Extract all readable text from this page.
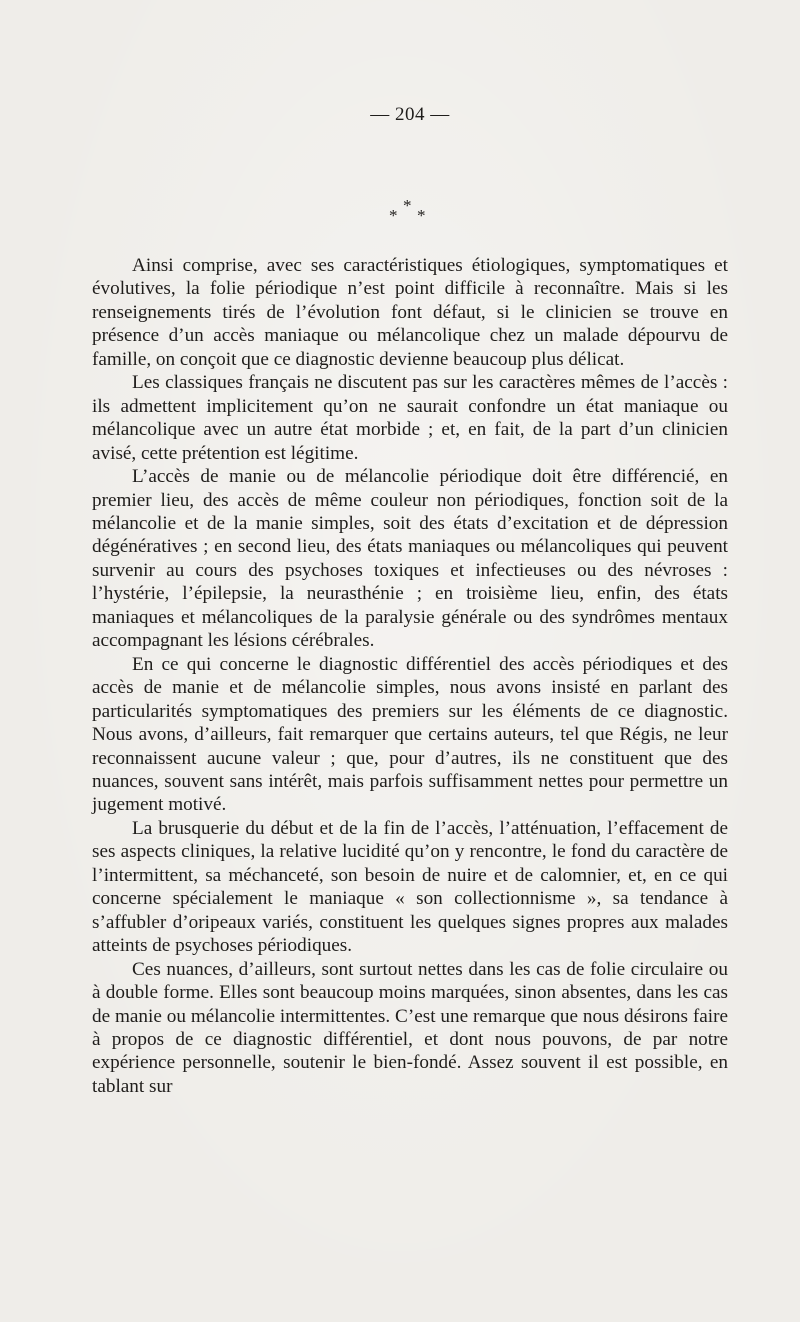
— 204 —
*
* *

Ainsi comprise, avec ses caractéristiques étiologiques, symptomatiques et évolutives, la folie périodique n’est point difficile à reconnaître. Mais si les renseignements tirés de l’évolution font défaut, si le clinicien se trouve en présence d’un accès maniaque ou mélancolique chez un malade dépourvu de famille, on conçoit que ce diagnostic devienne beaucoup plus délicat.

Les classiques français ne discutent pas sur les caractères mêmes de l’accès : ils admettent implicitement qu’on ne saurait confondre un état maniaque ou mélancolique avec un autre état morbide ; et, en fait, de la part d’un clinicien avisé, cette prétention est légitime.

L’accès de manie ou de mélancolie périodique doit être différencié, en premier lieu, des accès de même couleur non périodiques, fonction soit de la mélancolie et de la manie simples, soit des états d’excitation et de dépression dégénératives ; en second lieu, des états maniaques ou mélancoliques qui peuvent survenir au cours des psychoses toxiques et infectieuses ou des névroses : l’hystérie, l’épilepsie, la neurasthénie ; en troisième lieu, enfin, des états maniaques et mélancoliques de la paralysie générale ou des syndrômes mentaux accompagnant les lésions cérébrales.

En ce qui concerne le diagnostic différentiel des accès périodiques et des accès de manie et de mélancolie simples, nous avons insisté en parlant des particularités symptomatiques des premiers sur les éléments de ce diagnostic. Nous avons, d’ailleurs, fait remarquer que certains auteurs, tel que Régis, ne leur reconnaissent aucune valeur ; que, pour d’autres, ils ne constituent que des nuances, souvent sans intérêt, mais parfois suffisamment nettes pour permettre un jugement motivé.

La brusquerie du début et de la fin de l’accès, l’atténuation, l’effacement de ses aspects cliniques, la relative lucidité qu’on y rencontre, le fond du caractère de l’intermittent, sa méchanceté, son besoin de nuire et de calomnier, et, en ce qui concerne spécialement le maniaque « son collectionnisme », sa tendance à s’affubler d’oripeaux variés, constituent les quelques signes propres aux malades atteints de psychoses périodiques.

Ces nuances, d’ailleurs, sont surtout nettes dans les cas de folie circulaire ou à double forme. Elles sont beaucoup moins marquées, sinon absentes, dans les cas de manie ou mélancolie intermittentes. C’est une remarque que nous désirons faire à propos de ce diagnostic différentiel, et dont nous pouvons, de par notre expérience personnelle, soutenir le bien-fondé. Assez souvent il est possible, en tablant sur
